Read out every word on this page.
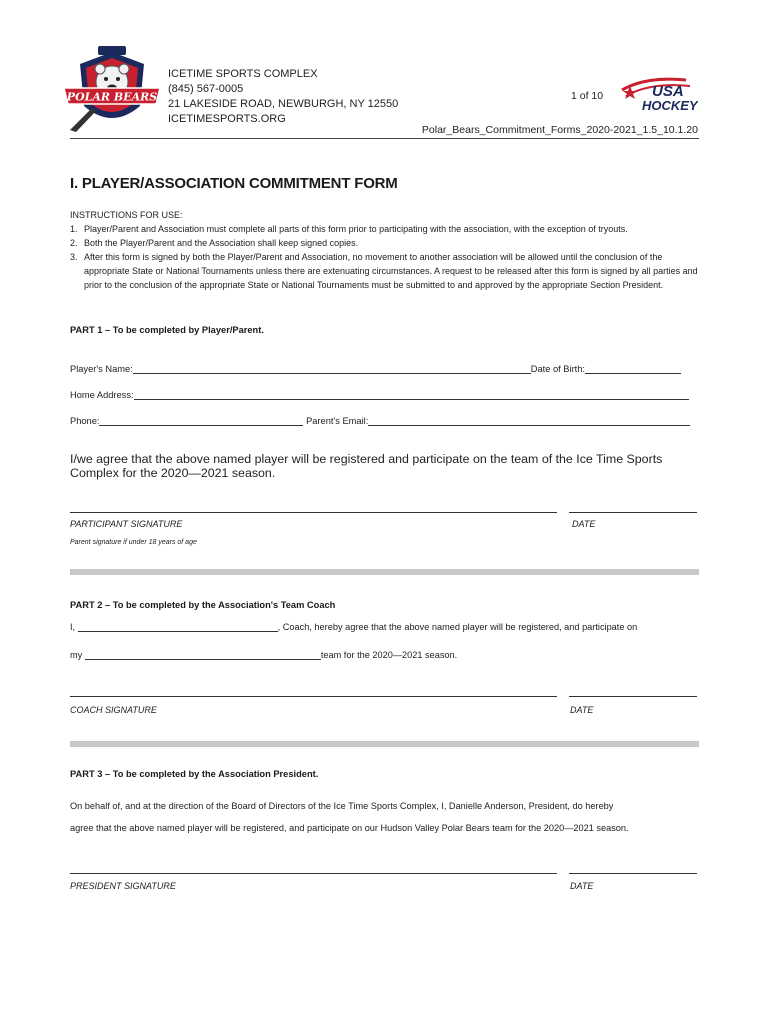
POLAR BEARS
ICETIME SPORTS COMPLEX
(845) 567-0005
21 LAKESIDE ROAD, NEWBURGH, NY 12550
ICETIMESPORTS.ORG
1 of 10	USA
HOCKEY
Polar_Bears_Commitment_Forms_2020-2021_1.5_10.1.20
I. PLAYER/ASSOCIATION COMMITMENT FORM
INSTRUCTIONS FOR USE:
1. Player/Parent and Association must complete all parts of this form prior to participating with the association, with the exception of tryouts.
2. Both the Player/Parent and the Association shall keep signed copies.
3. After this form is signed by both the Player/Parent and Association, no movement to another association will be allowed until the conclusion of the appropriate State or National Tournaments unless there are extenuating circumstances. A request to be released after this form is signed by all parties and prior to the conclusion of the appropriate State or National Tournaments must be submitted to and approved by the appropriate Section President.
PART 1 – To be completed by Player/Parent.
Player's Name:	Date of Birth:
Home Address:
Phone:	Parent's Email:
I/we agree that the above named player will be registered and participate on the team of the Ice Time Sports Complex for the 2020—2021 season.
PARTICIPANT SIGNATURE	DATE
Parent signature if under 18 years of age
PART 2 – To be completed by the Association's Team Coach
I,	, Coach, hereby agree that the above named player will be registered, and participate on
my	team for the 2020—2021 season.
COACH SIGNATURE	DATE
PART 3 – To be completed by the Association President.
On behalf of, and at the direction of the Board of Directors of the Ice Time Sports Complex, I, Danielle Anderson, President, do hereby
agree that the above named player will be registered, and participate on our Hudson Valley Polar Bears team for the 2020—2021 season.
PRESIDENT SIGNATURE	DATE
